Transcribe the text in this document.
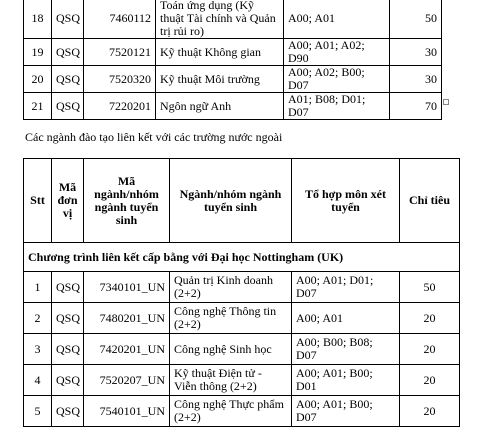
18	QSQ	7460112	Toán ứng dụng (Kỹ thuật Tài chính và Quản trị rủi ro)	A00; A01	50
19	QSQ	7520121	Kỹ thuật Không gian	A00; A01; A02; D90	30
20	QSQ	7520320	Kỹ thuật Môi trường	A00; A02; B00; D07	30
21	QSQ	7220201	Ngôn ngữ Anh	A01; B08; D01; D07	70
Các ngành đào tạo liên kết với các trường nước ngoài
Stt	Mã đơn vị	Mã ngành/nhóm ngành tuyển sinh	Ngành/nhóm ngành tuyển sinh	Tổ hợp môn xét tuyển	Chỉ tiêu
Chương trình liên kết cấp bằng với Đại học Nottingham (UK)					
1	QSQ	7340101_UN	Quản trị Kinh doanh (2+2)	A00; A01; D01; D07	50
2	QSQ	7480201_UN	Công nghệ Thông tin (2+2)	A00; A01	20
3	QSQ	7420201_UN	Công nghệ Sinh học	A00; B00; B08; D07	20
4	QSQ	7520207_UN	Kỹ thuật Điện tử - Viễn thông (2+2)	A00; A01; B00; D01	20
5	QSQ	7540101_UN	Công nghệ Thực phẩm (2+2)	A00; A01; B00; D07	20
